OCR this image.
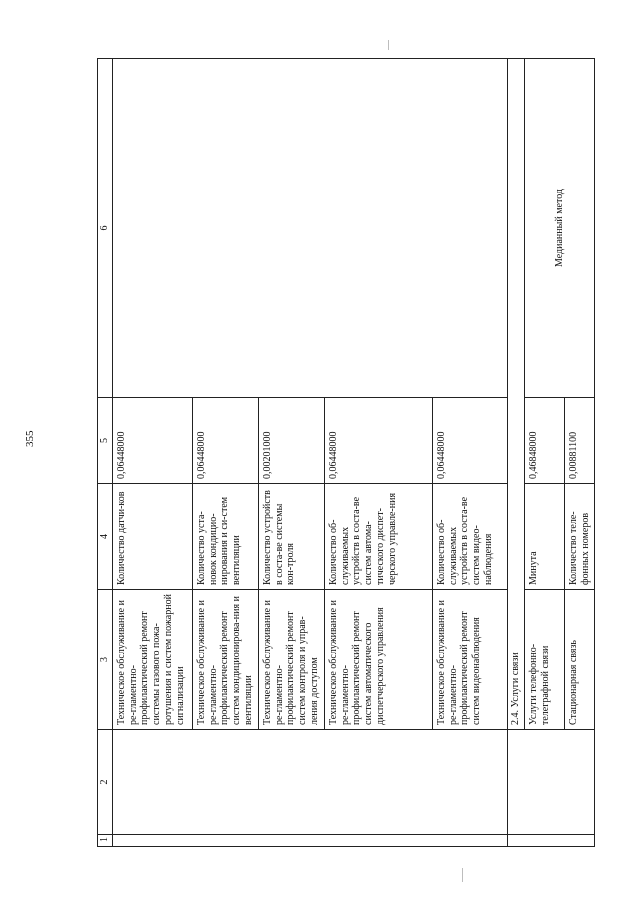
355
1	2	3	4	5	6
		Техническое обслуживание и ре-гламентно-профилактический ремонт системы газового пожа-ротушения и систем пожарной сигнализации	Количество датчи-ков	0,06448000	
		Техническое обслуживание и ре-гламентно-профилактический ремонт систем кондиционирова-ния и вентиляции	Количество уста-новок кондицио-нирования и си-стем вентиляции	0,06448000	
		Техническое обслуживание и ре-гламентно-профилактический ремонт систем контроля и управ-ления доступом	Количество устройств в соста-ве системы кон-троля	0,00201000	
		Техническое обслуживание и ре-гламентно-профилактический ремонт систем автоматического диспетчерского управления	Количество об-служиваемых устройств в соста-ве систем автома-тического диспет-черского управле-ния	0,06448000	
		Техническое обслуживание и ре-гламентно-профилактический ремонт систем видеонаблюдения	Количество об-служиваемых устройств в соста-ве систем видео-наблюдения	0,06448000	
		2.4. Услуги связи			
		Услуги телефонно-телеграфной связи	Минута	0,46848000	Медианный метод
		Стационарная связь	Количество теле-фонных номеров	0,00881100	
